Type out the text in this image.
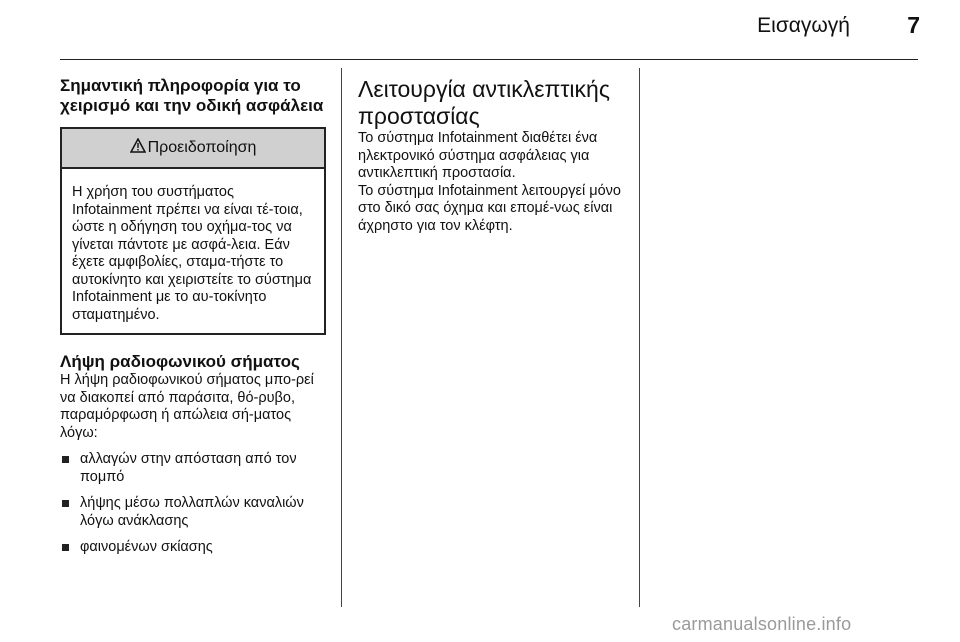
Εισαγωγή	7
Σημαντική πληροφορία για το
χειρισμό και την οδική ασφάλεια
Προειδοποίηση

Η χρήση του συστήματος Infotainment πρέπει να είναι τέ-τοια, ώστε η οδήγηση του οχήμα-τος να γίνεται πάντοτε με ασφά-λεια. Εάν έχετε αμφιβολίες, σταμα-τήστε το αυτοκίνητο και χειριστείτε το σύστημα Infotainment με το αυ-τοκίνητο σταματημένο.

Λήψη ραδιοφωνικού σήματος

Η λήψη ραδιοφωνικού σήματος μπο-ρεί να διακοπεί από παράσιτα, θό-ρυβο, παραμόρφωση ή απώλεια σή-ματος λόγω:

αλλαγών στην απόσταση από τον πομπό
λήψης μέσω πολλαπλών καναλιών λόγω ανάκλασης
φαινομένων σκίασης
Λειτουργία αντικλεπτικής
προστασίας

Το σύστημα Infotainment διαθέτει ένα ηλεκτρονικό σύστημα ασφάλειας για αντικλεπτική προστασία.

Το σύστημα Infotainment λειτουργεί μόνο στο δικό σας όχημα και επομέ-νως είναι άχρηστο για τον κλέφτη.

carmanualsonline.info
